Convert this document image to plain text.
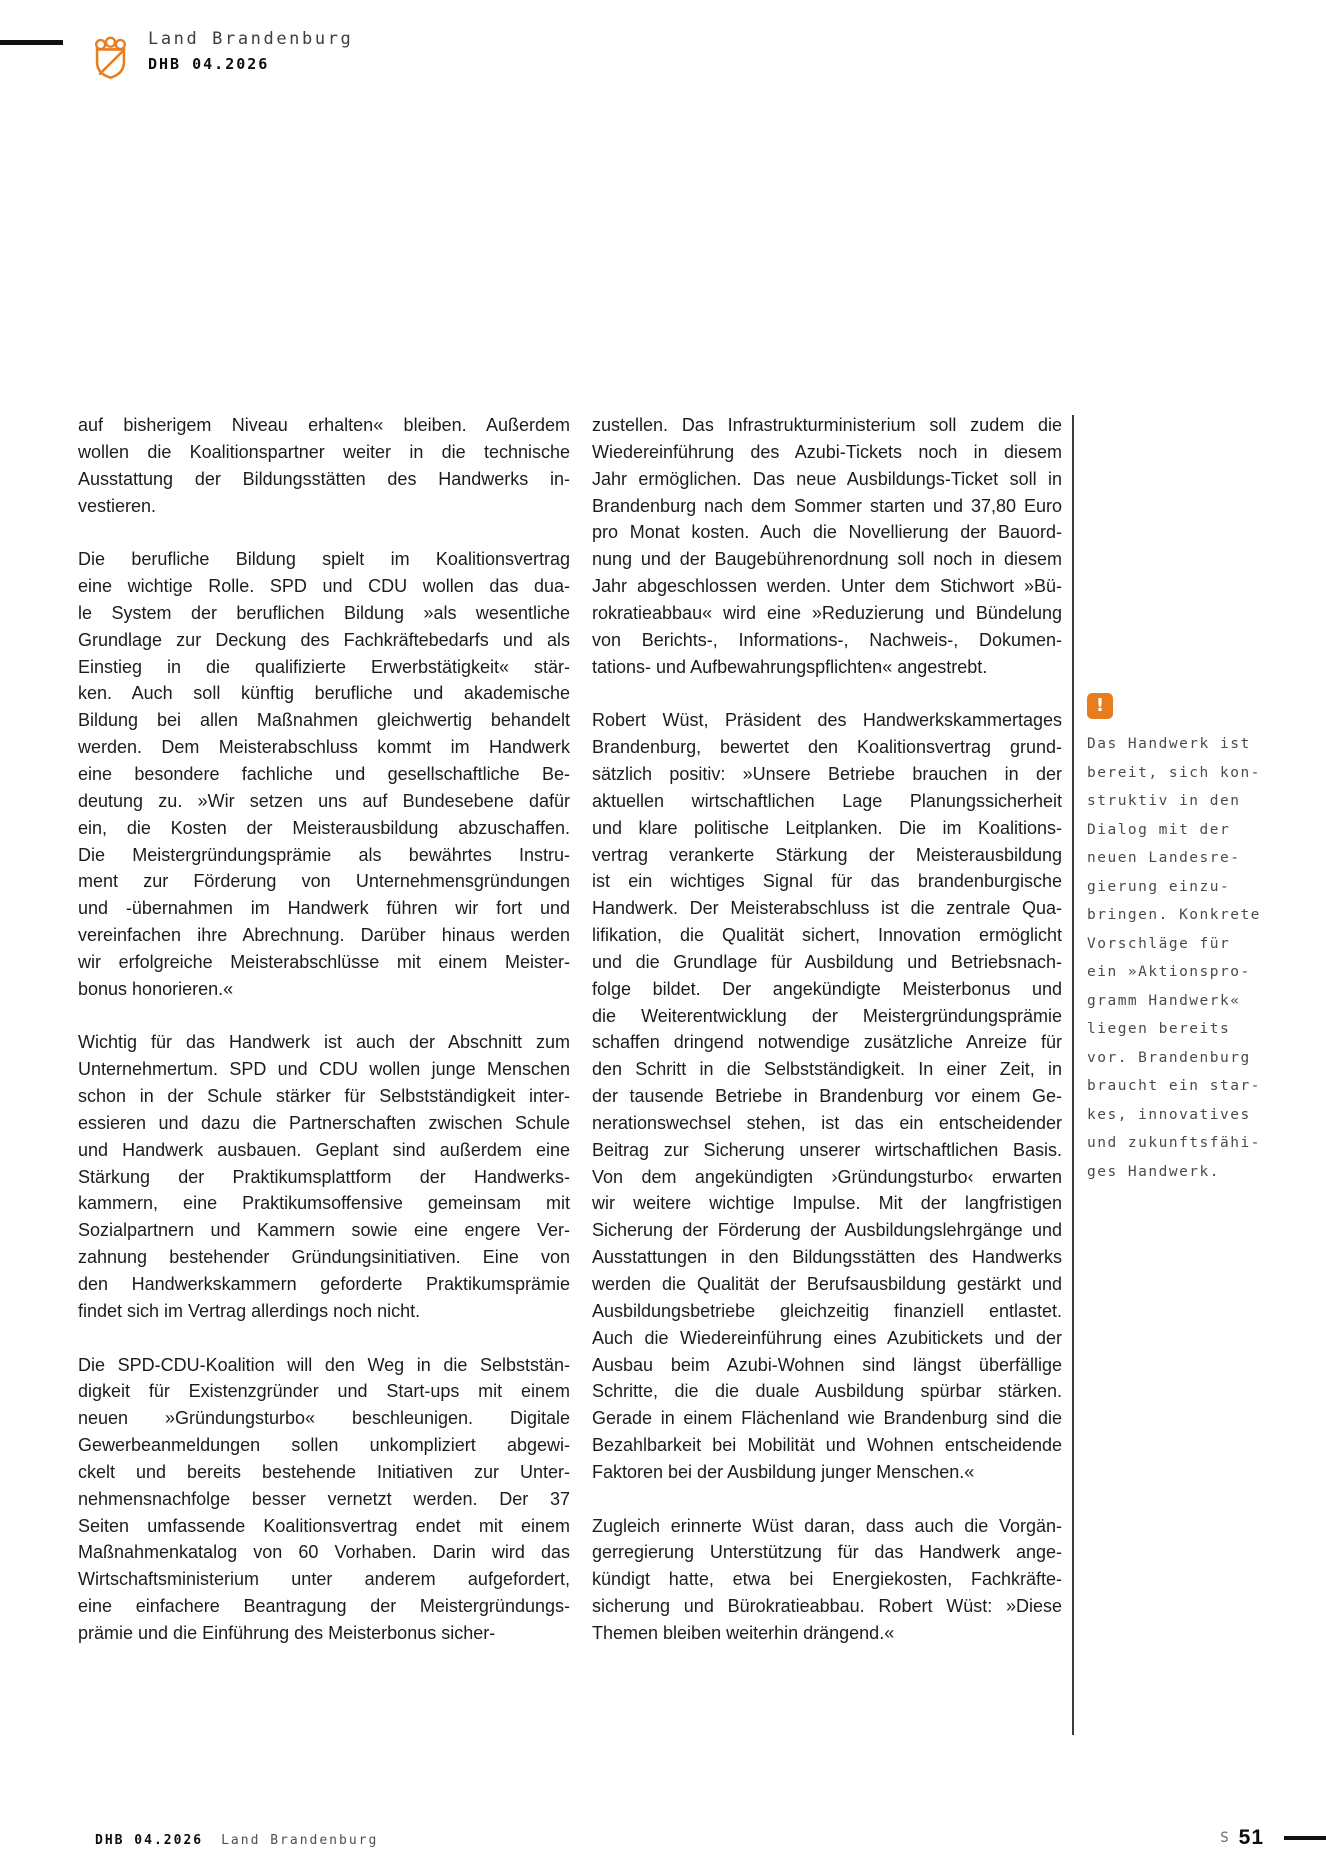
Land Brandenburg
DHB 04.2026
auf bisherigem Niveau erhalten« bleiben. Außerdem
wollen die Koalitionspartner weiter in die technische
Ausstattung der Bildungsstätten des Handwerks in-
vestieren.
Die berufliche Bildung spielt im Koalitionsvertrag
eine wichtige Rolle. SPD und CDU wollen das dua-
le System der beruflichen Bildung »als wesentliche
Grundlage zur Deckung des Fachkräftebedarfs und als
Einstieg in die qualifizierte Erwerbstätigkeit« stär-
ken. Auch soll künftig berufliche und akademische
Bildung bei allen Maßnahmen gleichwertig behandelt
werden. Dem Meisterabschluss kommt im Handwerk
eine besondere fachliche und gesellschaftliche Be-
deutung zu. »Wir setzen uns auf Bundesebene dafür
ein, die Kosten der Meisterausbildung abzuschaffen.
Die Meistergründungsprämie als bewährtes Instru-
ment zur Förderung von Unternehmensgründungen
und -übernahmen im Handwerk führen wir fort und
vereinfachen ihre Abrechnung. Darüber hinaus werden
wir erfolgreiche Meisterabschlüsse mit einem Meister-
bonus honorieren.«
Wichtig für das Handwerk ist auch der Abschnitt zum
Unternehmertum. SPD und CDU wollen junge Menschen
schon in der Schule stärker für Selbstständigkeit inter-
essieren und dazu die Partnerschaften zwischen Schule
und Handwerk ausbauen. Geplant sind außerdem eine
Stärkung der Praktikumsplattform der Handwerks-
kammern, eine Praktikumsoffensive gemeinsam mit
Sozialpartnern und Kammern sowie eine engere Ver-
zahnung bestehender Gründungsinitiativen. Eine von
den Handwerkskammern geforderte Praktikumsprämie
findet sich im Vertrag allerdings noch nicht.
Die SPD-CDU-Koalition will den Weg in die Selbststän-
digkeit für Existenzgründer und Start-ups mit einem
neuen »Gründungsturbo« beschleunigen. Digitale
Gewerbeanmeldungen sollen unkompliziert abgewi-
ckelt und bereits bestehende Initiativen zur Unter-
nehmensnachfolge besser vernetzt werden. Der 37
Seiten umfassende Koalitionsvertrag endet mit einem
Maßnahmenkatalog von 60 Vorhaben. Darin wird das
Wirtschaftsministerium unter anderem aufgefordert,
eine einfachere Beantragung der Meistergründungs-
prämie und die Einführung des Meisterbonus sicher-
zustellen. Das Infrastrukturministerium soll zudem die
Wiedereinführung des Azubi-Tickets noch in diesem
Jahr ermöglichen. Das neue Ausbildungs-Ticket soll in
Brandenburg nach dem Sommer starten und 37,80 Euro
pro Monat kosten. Auch die Novellierung der Bauord-
nung und der Baugebührenordnung soll noch in diesem
Jahr abgeschlossen werden. Unter dem Stichwort »Bü-
rokratieabbau« wird eine »Reduzierung und Bündelung
von Berichts-, Informations-, Nachweis-, Dokumen-
tations- und Aufbewahrungspflichten« angestrebt.
Robert Wüst, Präsident des Handwerkskammertages
Brandenburg, bewertet den Koalitionsvertrag grund-
sätzlich positiv: »Unsere Betriebe brauchen in der
aktuellen wirtschaftlichen Lage Planungssicherheit
und klare politische Leitplanken. Die im Koalitions-
vertrag verankerte Stärkung der Meisterausbildung
ist ein wichtiges Signal für das brandenburgische
Handwerk. Der Meisterabschluss ist die zentrale Qua-
lifikation, die Qualität sichert, Innovation ermöglicht
und die Grundlage für Ausbildung und Betriebsnach-
folge bildet. Der angekündigte Meisterbonus und
die Weiterentwicklung der Meistergründungsprämie
schaffen dringend notwendige zusätzliche Anreize für
den Schritt in die Selbstständigkeit. In einer Zeit, in
der tausende Betriebe in Brandenburg vor einem Ge-
nerationswechsel stehen, ist das ein entscheidender
Beitrag zur Sicherung unserer wirtschaftlichen Basis.
Von dem angekündigten ›Gründungsturbo‹ erwarten
wir weitere wichtige Impulse. Mit der langfristigen
Sicherung der Förderung der Ausbildungslehrgänge und
Ausstattungen in den Bildungsstätten des Handwerks
werden die Qualität der Berufsausbildung gestärkt und
Ausbildungsbetriebe gleichzeitig finanziell entlastet.
Auch die Wiedereinführung eines Azubitickets und der
Ausbau beim Azubi-Wohnen sind längst überfällige
Schritte, die die duale Ausbildung spürbar stärken.
Gerade in einem Flächenland wie Brandenburg sind die
Bezahlbarkeit bei Mobilität und Wohnen entscheidende
Faktoren bei der Ausbildung junger Menschen.«
Zugleich erinnerte Wüst daran, dass auch die Vorgän-
gerregierung Unterstützung für das Handwerk ange-
kündigt hatte, etwa bei Energiekosten, Fachkräfte-
sicherung und Bürokratieabbau. Robert Wüst: »Diese
Themen bleiben weiterhin drängend.«
!
Das Handwerk ist
bereit, sich kon-
struktiv in den
Dialog mit der
neuen Landesre-
gierung einzu-
bringen. Konkrete
Vorschläge für
ein »Aktionspro-
gramm Handwerk«
liegen bereits
vor. Brandenburg
braucht ein star-
kes, innovatives
und zukunftsfähi-
ges Handwerk.
DHB 04.2026 Land Brandenburg	S 51
